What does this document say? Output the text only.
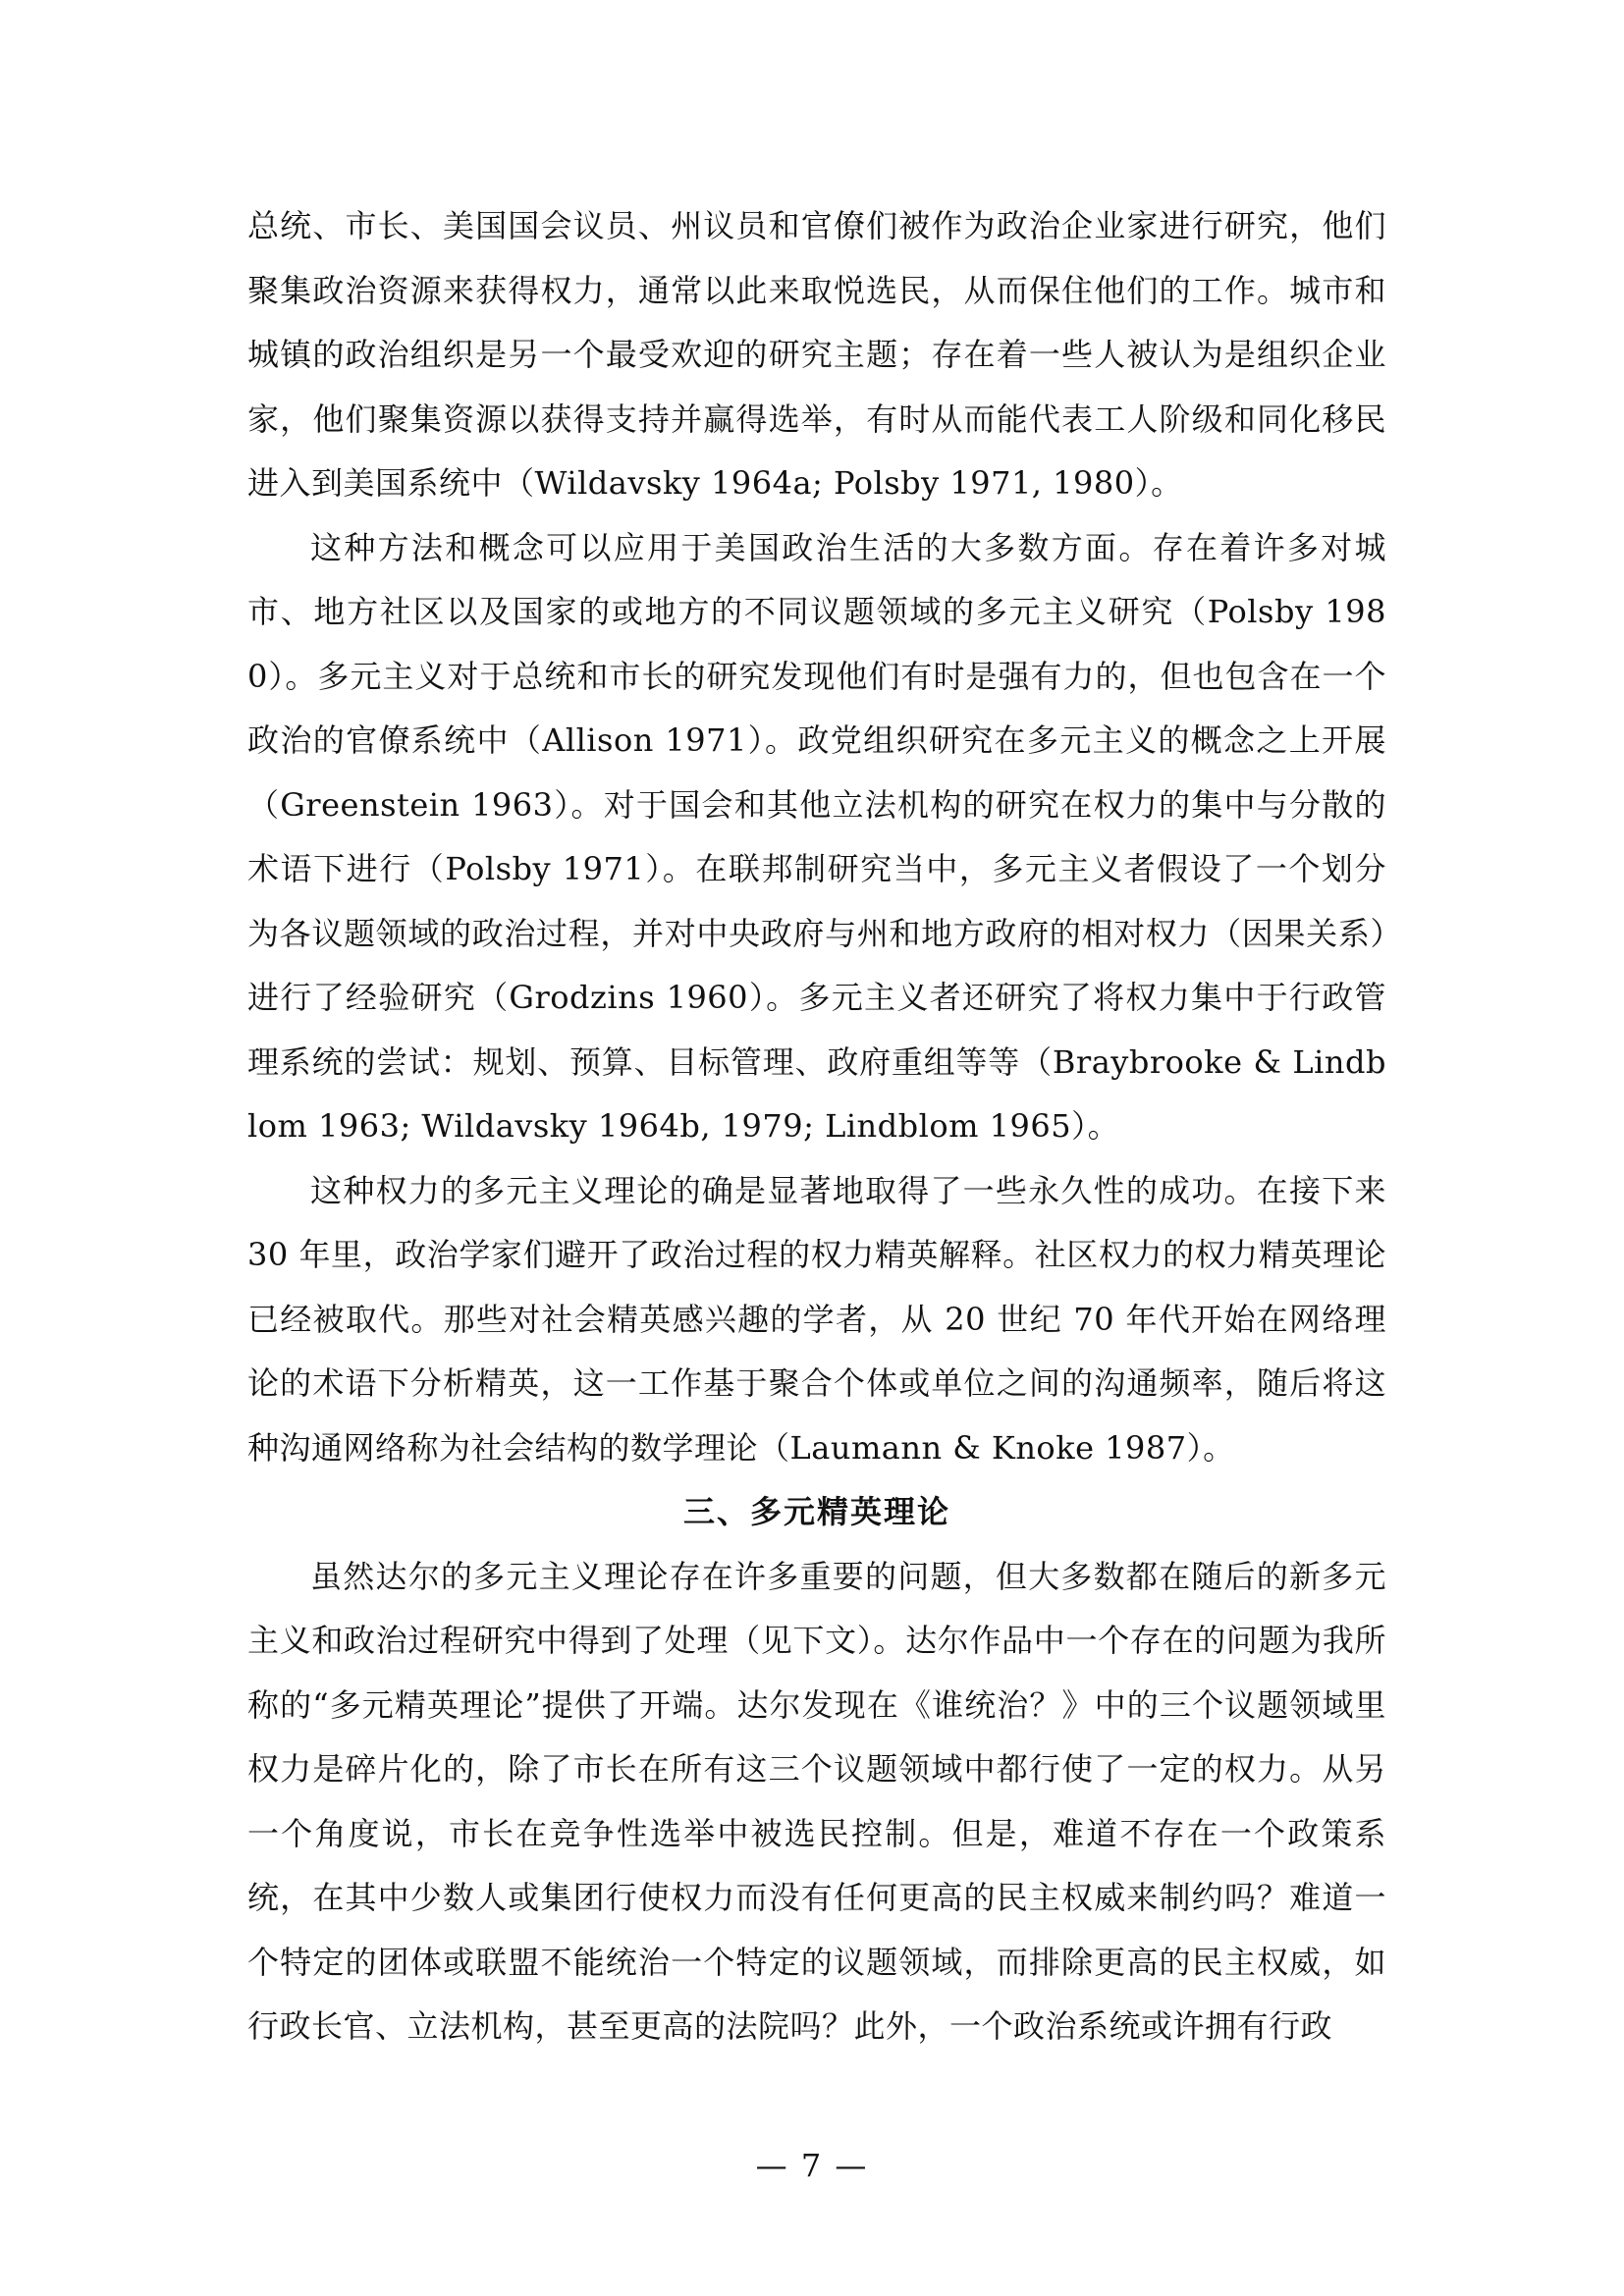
总统、市长、美国国会议员、州议员和官僚们被作为政治企业家进行研究，他们聚集政治资源来获得权力，通常以此来取悦选民，从而保住他们的工作。城市和城镇的政治组织是另一个最受欢迎的研究主题；存在着一些人被认为是组织企业家，他们聚集资源以获得支持并赢得选举，有时从而能代表工人阶级和同化移民进入到美国系统中（Wildavsky 1964a; Polsby 1971, 1980）。

这种方法和概念可以应用于美国政治生活的大多数方面。存在着许多对城市、地方社区以及国家的或地方的不同议题领域的多元主义研究（Polsby 1980）。多元主义对于总统和市长的研究发现他们有时是强有力的，但也包含在一个政治的官僚系统中（Allison 1971）。政党组织研究在多元主义的概念之上开展（Greenstein 1963）。对于国会和其他立法机构的研究在权力的集中与分散的术语下进行（Polsby 1971）。在联邦制研究当中，多元主义者假设了一个划分为各议题领域的政治过程，并对中央政府与州和地方政府的相对权力（因果关系）进行了经验研究（Grodzins 1960）。多元主义者还研究了将权力集中于行政管理系统的尝试：规划、预算、目标管理、政府重组等等（Braybrooke & Lindblom 1963; Wildavsky 1964b, 1979; Lindblom 1965）。

这种权力的多元主义理论的确是显著地取得了一些永久性的成功。在接下来 30 年里，政治学家们避开了政治过程的权力精英解释。社区权力的权力精英理论已经被取代。那些对社会精英感兴趣的学者，从 20 世纪 70 年代开始在网络理论的术语下分析精英，这一工作基于聚合个体或单位之间的沟通频率，随后将这种沟通网络称为社会结构的数学理论（Laumann & Knoke 1987）。

三、多元精英理论

虽然达尔的多元主义理论存在许多重要的问题，但大多数都在随后的新多元主义和政治过程研究中得到了处理（见下文）。达尔作品中一个存在的问题为我所称的“多元精英理论”提供了开端。达尔发现在《谁统治？》中的三个议题领域里权力是碎片化的，除了市长在所有这三个议题领域中都行使了一定的权力。从另一个角度说，市长在竞争性选举中被选民控制。但是，难道不存在一个政策系统，在其中少数人或集团行使权力而没有任何更高的民主权威来制约吗？难道一个特定的团体或联盟不能统治一个特定的议题领域，而排除更高的民主权威，如行政长官、立法机构，甚至更高的法院吗？此外，一个政治系统或许拥有行政

— 7 —
